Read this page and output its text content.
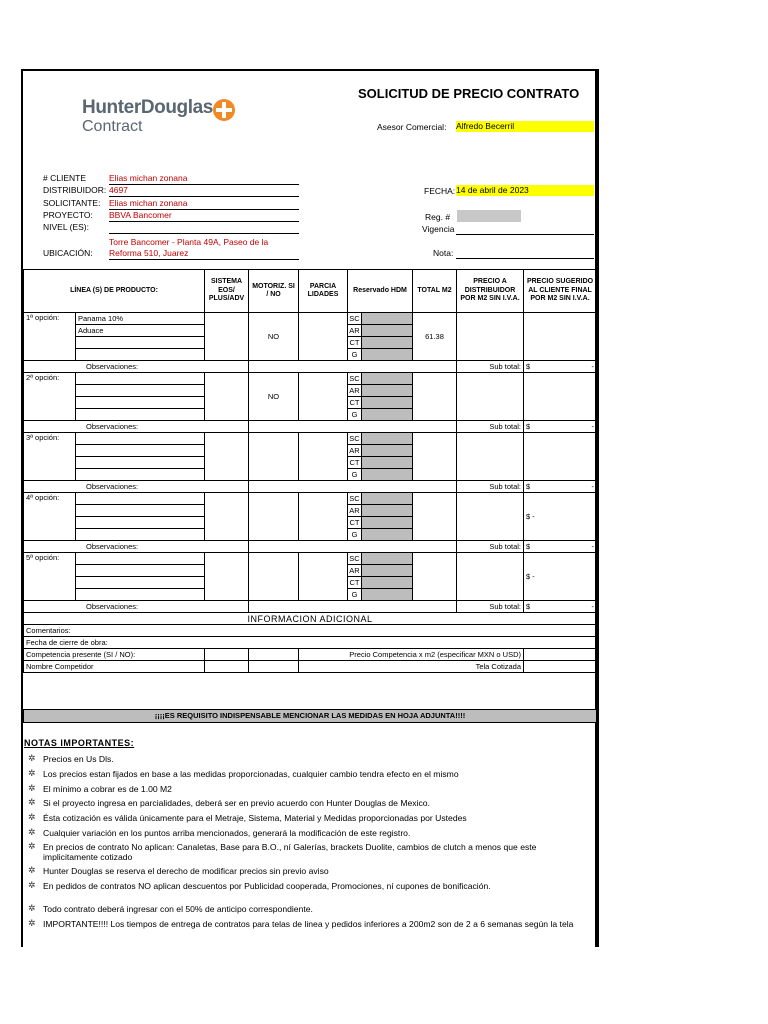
HunterDouglas
Contract
SOLICITUD DE PRECIO CONTRATO
Asesor Comercial: Alfredo Becerril
# CLIENTE	Elias michan zonana
DISTRIBUIDOR: 4697
SOLICITANTE: Elias michan zonana
PROYECTO: BBVA Bancomer
NIVEL (ES):
UBICACIÓN:
Torre Bancomer - Planta 49A, Paseo de la
Reforma 510, Juarez
FECHA: 14 de abril de 2023
Reg. #
Vigencia
Nota:
LÍNEA (S) DE PRODUCTO:		SISTEMA EOS/ PLUS/ADV	MOTORIZ. SI / NO	PARCIA LIDADES	Reservado HDM		TOTAL M2	PRECIO A DISTRIBUIDOR POR M2 SIN I.V.A.	PRECIO SUGERIDO AL CLIENTE FINAL POR M2 SIN I.V.A.
1ª opción:	Panama 10%		NO		SC		61.38		
	Aduace				AR				
					CT				
					G				
Observaciones:								Sub total:	$ -

2ª opción:			NO		SC				
					AR				
					CT				
					G				
Observaciones:								Sub total:	$ -

3ª opción:					SC				
					AR				
					CT				
					G				
Observaciones:								Sub total:	$ -

4ª opción:					SC				$ -
					AR				
					CT				
					G				
Observaciones:								Sub total:	$ -

5ª opción:					SC				$ -
					AR				
					CT				
					G				
Observaciones:								Sub total:	$ -

INFORMACION ADICIONAL									
Comentarios:									
Fecha de cierre de obra:									
Competencia presente (SI / NO):				Precio Competencia x m2 (especificar MXN o USD)					
Nombre Competidor				Tela Cotizada					
¡¡¡¡ES REQUISITO INDISPENSABLE MENCIONAR LAS MEDIDAS EN HOJA ADJUNTA!!!!
NOTAS IMPORTANTES:
✲ Precios en Us Dls.
✲ Los precios estan fijados en base a las medidas proporcionadas, cualquier cambio tendra efecto en el mismo
✲ El mínimo a cobrar es de 1.00 M2
✲ Si el proyecto ingresa en parcialidades, deberá ser en previo acuerdo con Hunter Douglas de Mexico.
✲ Ésta cotización es válida únicamente para el Metraje, Sistema, Material y Medidas proporcionadas por Ustedes
✲ Cualquier variación en los puntos arriba mencionados, generará la modificación de este registro.
✲ En precios de contrato No aplican: Canaletas, Base para B.O., ní Galerías, brackets Duolite, cambios de clutch a menos que este implicitamente cotizado
✲ Hunter Douglas se reserva el derecho de modificar precios sin previo aviso
✲ En pedidos de contratos NO aplican descuentos por Publicidad cooperada, Promociones, ní cupones de bonificación.
✲ Todo contrato deberá ingresar con el 50% de anticipo correspondiente.
✲ IMPORTANTE!!!! Los tiempos de entrega de contratos para telas de linea y pedidos inferiores a 200m2 son de 2 a 6 semanas según la tela
